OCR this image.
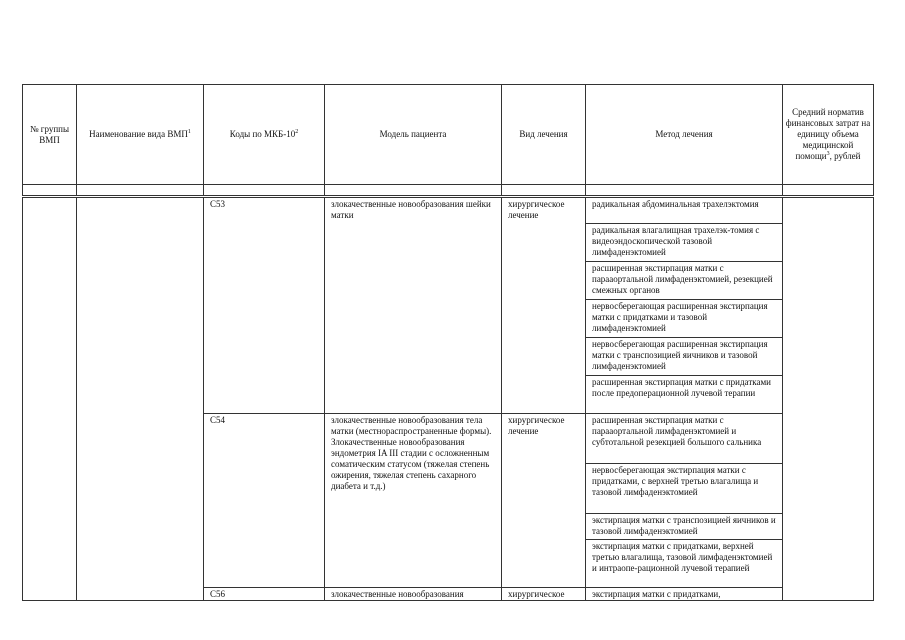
№ группы ВМП	Наименование вида ВМП$^1$	Коды по МКБ-$10^2$	Модель пациента	Вид лечения	Метод лечения	Средний норматив финансовых затрат на единицу объема медицинской помощи$^3$, рублей

		C53	злокачественные новообразования шейки матки	хирургическое лечение	радикальная абдоминальная трахелэктомия	
					радикальная влагалищная трахелэк-томия с видеоэндоскопической тазовой лимфаденэктомией	
					расширенная экстирпация матки с парааортальной лимфаденэктомией, резекцией смежных органов	
					нервосберегающая расширенная экстирпация матки с придатками и тазовой лимфаденэктомией	
					нервосберегающая расширенная экстирпация матки с транспозицией яичников и тазовой лимфаденэктомией	
					расширенная экстирпация матки с придатками после предоперационной лучевой терапии	
		C54	злокачественные новообразования тела матки (местнораспространенные формы). Злокачественные новообразования эндометрия IA III стадии с осложненным соматическим статусом (тяжелая степень ожирения, тяжелая степень сахарного диабета и т.д.)	хирургическое лечение	расширенная экстирпация матки с парааортальной лимфаденэктомией и субтотальной резекцией большого сальника	
					нервосберегающая экстирпация матки с придатками, с верхней третью влагалища и тазовой лимфаденэктомией	
					экстирпация матки с транспозицией яичников и тазовой лимфаденэктомией	
					экстирпация матки с придатками, верхней третью влагалища, тазовой лимфаденэктомией и интраопе-рационной лучевой терапией	
		C56	злокачественные новообразования	хирургическое	экстирпация матки с придатками,	
